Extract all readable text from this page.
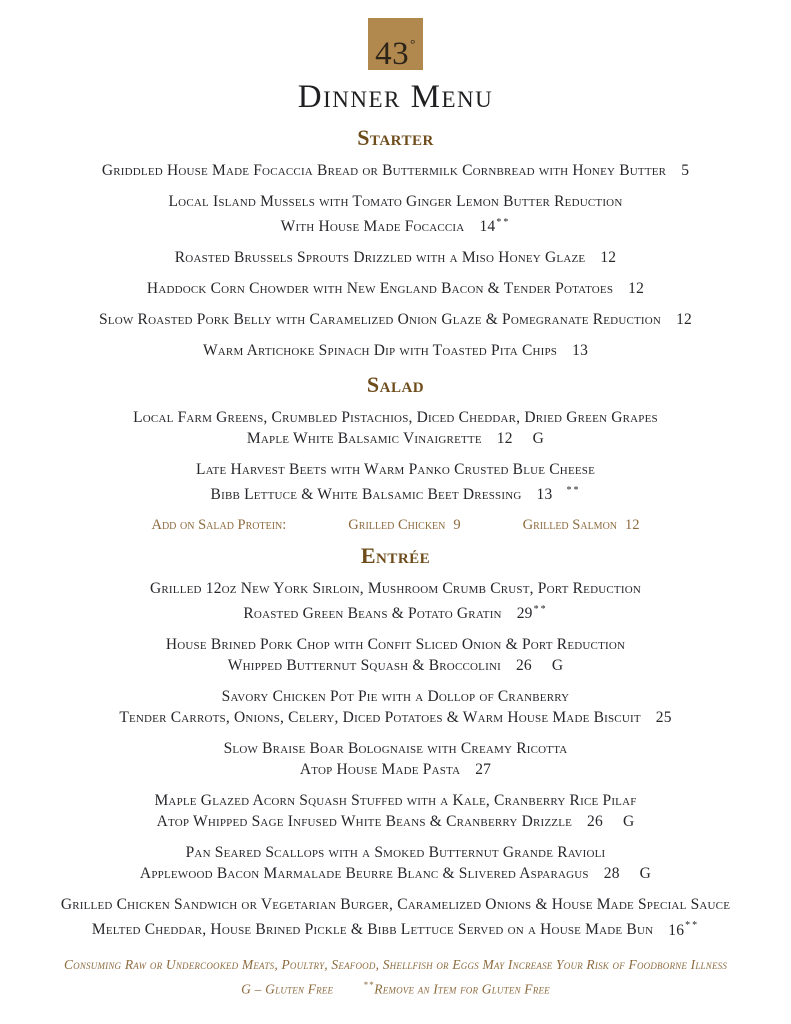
43°
Dinner Menu
Starter
Griddled House Made Focaccia Bread or Buttermilk Cornbread with Honey Butter 5
Local Island Mussels with Tomato Ginger Lemon Butter Reduction
With House Made Focaccia 14**
Roasted Brussels Sprouts Drizzled with a Miso Honey Glaze 12
Haddock Corn Chowder with New England Bacon & Tender Potatoes 12
Slow Roasted Pork Belly with Caramelized Onion Glaze & Pomegranate Reduction 12
Warm Artichoke Spinach Dip with Toasted Pita Chips 13
Salad
Local Farm Greens, Crumbled Pistachios, Diced Cheddar, Dried Green Grapes
Maple White Balsamic Vinaigrette 12 G
Late Harvest Beets with Warm Panko Crusted Blue Cheese
Bibb Lettuce & White Balsamic Beet Dressing 13 **
Add on Salad Protein:	Grilled Chicken 9	Grilled Salmon 12
Entrée
Grilled 12oz New York Sirloin, Mushroom Crumb Crust, Port Reduction
Roasted Green Beans & Potato Gratin 29**
House Brined Pork Chop with Confit Sliced Onion & Port Reduction
Whipped Butternut Squash & Broccolini 26 G
Savory Chicken Pot Pie with a Dollop of Cranberry
Tender Carrots, Onions, Celery, Diced Potatoes & Warm House Made Biscuit 25
Slow Braise Boar Bolognaise with Creamy Ricotta
Atop House Made Pasta 27
Maple Glazed Acorn Squash Stuffed with a Kale, Cranberry Rice Pilaf
Atop Whipped Sage Infused White Beans & Cranberry Drizzle 26 G
Pan Seared Scallops with a Smoked Butternut Grande Ravioli
Applewood Bacon Marmalade Beurre Blanc & Slivered Asparagus 28 G
Grilled Chicken Sandwich or Vegetarian Burger, Caramelized Onions & House Made Special Sauce
Melted Cheddar, House Brined Pickle & Bibb Lettuce Served on a House Made Bun 16**
Consuming Raw or Undercooked Meats, Poultry, Seafood, Shellfish or Eggs May Increase Your Risk of Foodborne Illness
G – Gluten Free	**Remove an Item for Gluten Free
